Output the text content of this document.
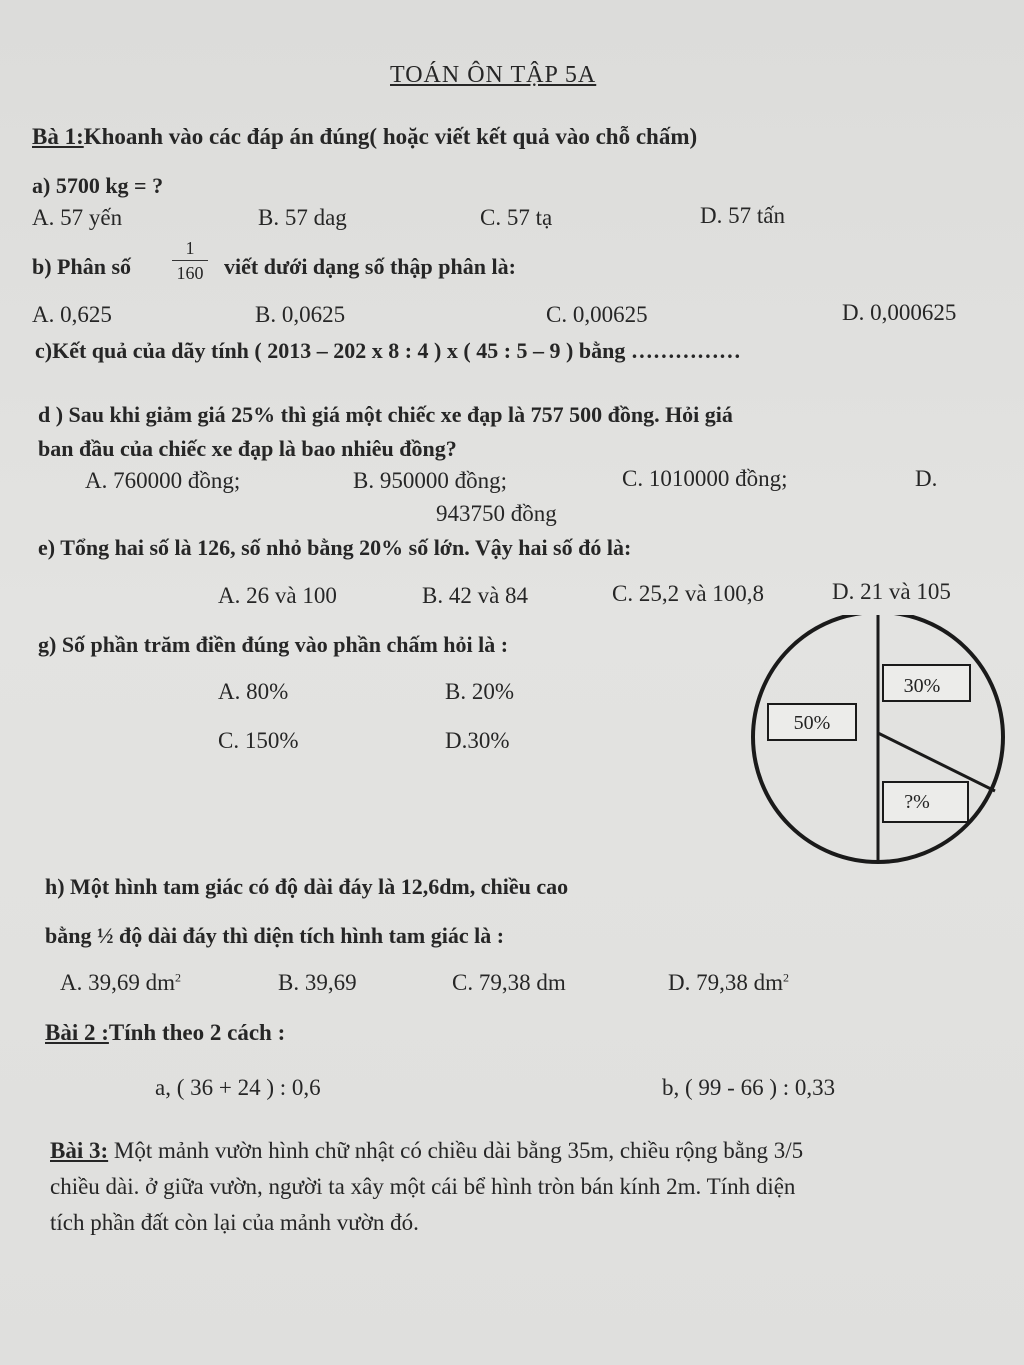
TOÁN ÔN TẬP 5A
Bà 1:Khoanh vào các đáp án đúng( hoặc viết kết quả vào chỗ chấm)
a) 5700 kg = ?
A. 57 yến	B. 57 dag	C. 57 tạ	D. 57 tấn
b) Phân số
1
160 viết dưới dạng số thập phân là:
A. 0,625	B. 0,0625	C. 0,00625	D. 0,000625
c)Kết quả của dãy tính ( 2013 – 202 x 8 : 4 ) x ( 45 : 5 – 9 ) bằng ……………
d ) Sau khi giảm giá 25% thì giá một chiếc xe đạp là 757 500 đồng. Hỏi giá
ban đầu của chiếc xe đạp là bao nhiêu đồng?
A. 760000 đồng;	B. 950000 đồng;	C. 1010000 đồng;	D.
943750 đồng
e) Tổng hai số là 126, số nhỏ bằng 20% số lớn. Vậy hai số đó là:
A. 26 và 100	B. 42 và 84	C. 25,2 và 100,8	D. 21 và 105
g) Số phần trăm điền đúng vào phần chấm hỏi là :
A. 80%	B. 20%
C. 150%	D.30%
50%
30%
?%
h) Một hình tam giác có độ dài đáy là 12,6dm, chiều cao
bằng ½ độ dài đáy thì diện tích hình tam giác là :
A. 39,69 $dm^2$	B. 39,69	C. 79,38 dm	D. 79,38 $dm^2$
Bài 2 :Tính theo 2 cách :
a, ( 36 + 24 ) : 0,6	b, ( 99 - 66 ) : 0,33
Bài 3: Một mảnh vườn hình chữ nhật có chiều dài bằng 35m, chiều rộng bằng 3/5
chiều dài. ở giữa vườn, người ta xây một cái bể hình tròn bán kính 2m. Tính diện
tích phần đất còn lại của mảnh vườn đó.
